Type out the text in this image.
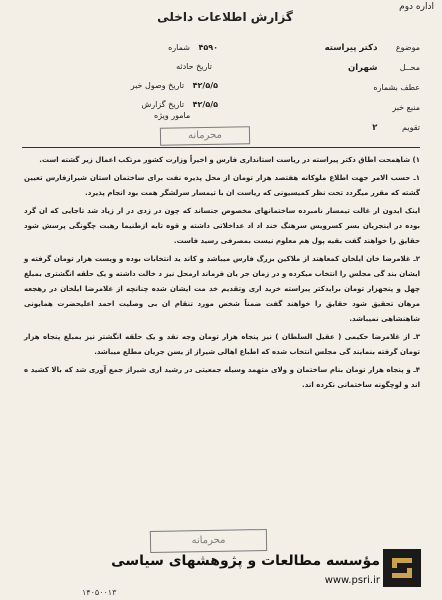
اداره دوم
گزارش اطلاعات داخلی
موضوع دکتر پیراسته
محــل شهران
عطف بشماره
منبع خبر
تقویم ۲
۴۵۹۰ شماره
تاریخ حادثه
۴۲/۵/۵ تاریخ وصول خبر
۴۲/۵/۵ تاریخ گزارش
مامور ویژه
محرمانه

۱) شاهمحت اطاق دکتر پیراسته در ریاست استانداری فارس و اخیراً وزارت کشور مرتکب اعمال زیر گشته است.

۱ـ حسب الامر جهت اطلاع ملوکانه هفتصد هزار تومان از محل پذیره نفت برای ساختمان استان شیرازفارس تعیین گشته که مقرر میگردد تحت نظر کمیسیونی که ریاست ان با تیمسار سرلشگر همت بود انجام پذیرد.

اینک ایدون ار غالت تیمسار نامبرده ساختمانهای مخصوص جنساند که چون در زدی در ار زیاد شد تاجایی که ان گرد بوده در اینجریان بسر کسرویس سرهنگ خند اد اد عداخلاتی داشته و قوه تایه ازطنیما رهبت چگونگی پرسش شود حقایق را خواهند گفت بقیه پول هم معلوم نیست بمصرفی رسید فاست.

۲ـ غلامرضا خان ایلخان کمعاهند از ملاکین بزرگ فارس میباشد و کاند ید انتخابات بوده و ویست هزار تومان گرفته و ایشان بند گی مجلس را انتخاب میکرده و در زمان جر یان فرماند ارمحل نیز د خالت داشته و یک حلقه انگشتری بمبلغ چهل و پنجهزار تومان برایدکتر پیراسته خرید اری وتقدیم خد مت ایشان شده چنانچه از غلامرضا ایلخان در رهجعه مرهان تحقیق شود حقایق را خواهند گفت ضمناً شخص مورد تنقام ان بی وصلیت احمد اعلیحضرت همایونی شاهنشاهی نمیباشد.

۳ـ از غلامرضا حکیمی ( عقیل السلطان ) نیز پنجاه هزار تومان وجه نقد و یک حلقه انگشتر نیز بمبلغ پنجاه هزار تومان گرفته بنمایند گی مجلس انتخاب شده که اطباع اهالی شیراز از یسن جریان مطلع میباشد.

۴ـ و پنجاه هزار تومان بنام ساختمان و ولای متهمد وسیله جمعیتی در رشید اری شیراز جمع آوری شد که بالا کشید ه اند و لوچگونه ساختمانی نکرده اند.

محرمانه
مؤسسه مطالعات و پژوهشهای سیاسی
www.psri.ir
۱۴۰۵۰۰۱۳
